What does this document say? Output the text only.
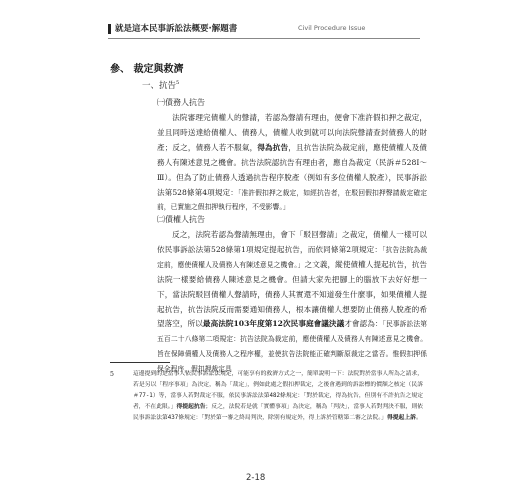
就是這本民事訴訟法概要·解題書	Civil Procedure Issue
參、 裁定與救濟
一、抗告$^5$
㈠債務人抗告
法院審理完債權人的聲請，若認為聲請有理由，便會下准許假扣押之裁定，並且同時送達給債權人、債務人，債權人收到就可以向法院聲請查封債務人的財產；反之，債務人若不服氣，得為抗告，且抗告法院為裁定前，應使債權人及債務人有陳述意見之機會。抗告法院認抗告有理由者，應自為裁定（民訴＃528Ⅰ～Ⅲ）。但為了防止債務人透過抗告程序脫產（例如有多位債權人脫產），民事訴訟法第528條第4項規定：「准許假扣押之裁定，如經抗告者，在駁回假扣押聲請裁定確定前，已實施之假扣押執行程序，不受影響。」
㈡債權人抗告
反之，法院若認為聲請無理由，會下「駁回聲請」之裁定，債權人一樣可以依民事訴訟法第528條第1項規定提起抗告，而依同條第2項規定：「抗告法院為裁定前，應使債權人及債務人有陳述意見之機會。」之文義，縱使債權人提起抗告，抗告法院一樣要給債務人陳述意見之機會。但請大家先把腳上的腦放下去好好想一下，當法院駁回債權人聲請時，債務人其實還不知道發生什麼事，如果債權人提起抗告，抗告法院反而需要通知債務人，根本讓債權人想要防止債務人脫產的希望落空，所以最高法院103年度第12次民事庭會議決議才會認為：「民事訴訟法第五百二十八條第二項規定：抗告法院為裁定前，應使債權人及債務人有陳述意見之機會。旨在保障債權人及債務人之程序權，並使抗告法院能正確判斷原裁定之當否。惟假扣押係保全程序，假扣押裁定具
5	這邊提到的是當事人依民事訴訟法規定，可能享有的救濟方式之一，簡單說明一下：法院對於當事人所為之請求，若是另以「程序事項」為決定，稱為「裁定」，例如此處之假扣押裁定，之後會遇到的訴訟標的價額之核定（民訴＃77-1）等，當事人若對裁定不服，依民事訴訟法第482條規定：「對於裁定，得為抗告，但別有不許抗告之規定者，不在此限。」得提起抗告；反之，法院若是就「實體事項」為決定，稱為「判決」，當事人若對判決不服，則依民事訴訟法第437條規定：「對於第一審之終局判決，除別有規定外，得上訴於管轄第二審之法院。」得提起上訴。
2-18
